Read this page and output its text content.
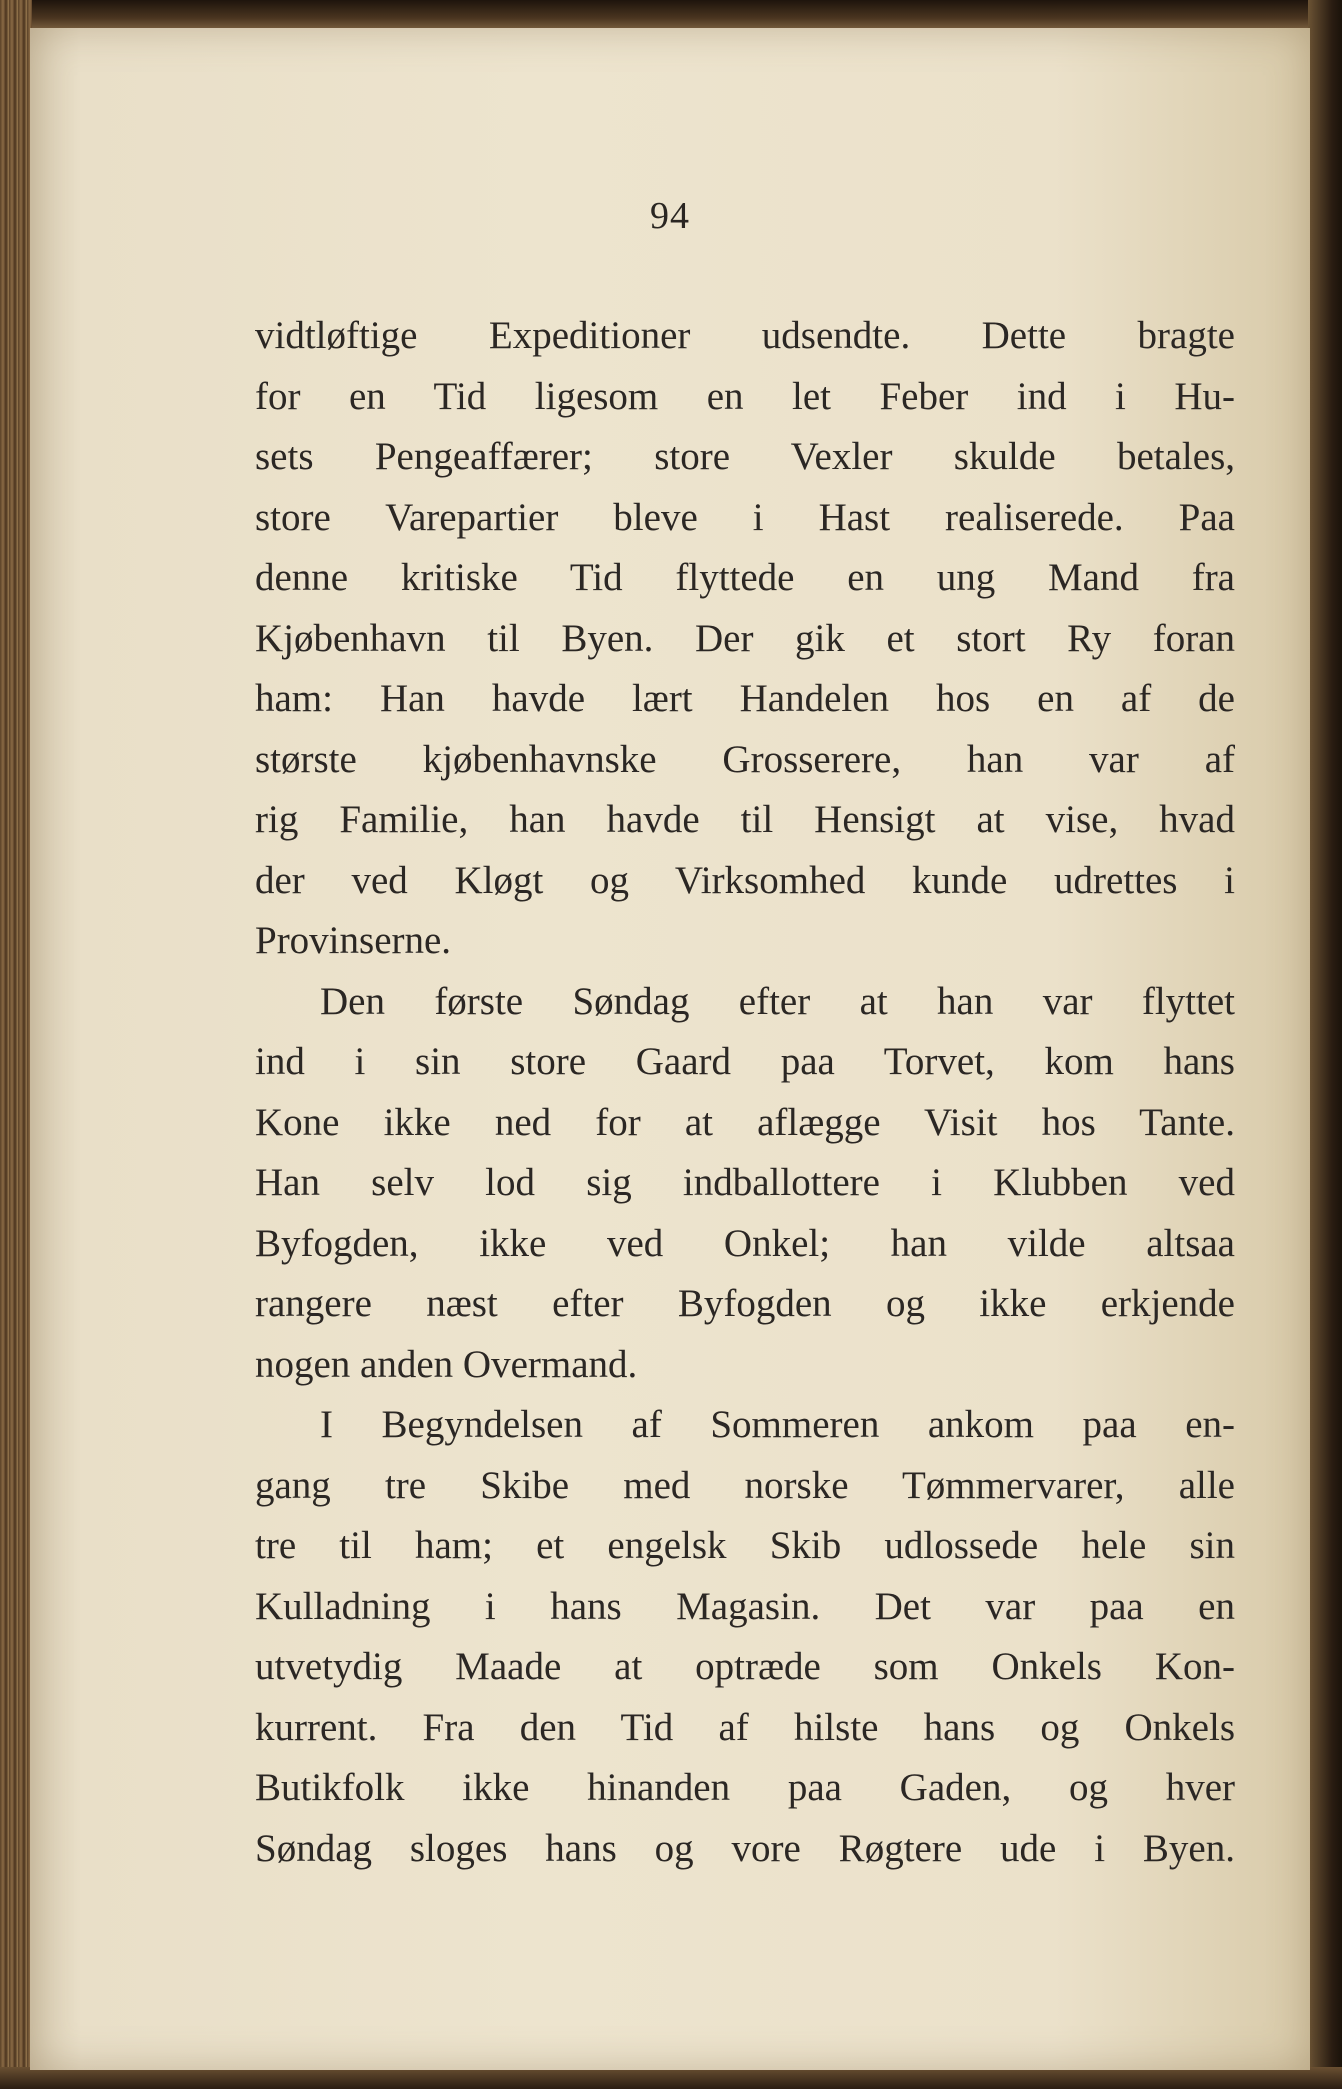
94
vidtløftige Expeditioner udsendte. Dette bragte
for en Tid ligesom en let Feber ind i Hu-
sets Pengeaffærer; store Vexler skulde betales,
store Varepartier bleve i Hast realiserede. Paa
denne kritiske Tid flyttede en ung Mand fra
Kjøbenhavn til Byen. Der gik et stort Ry foran
ham: Han havde lært Handelen hos en af de
største kjøbenhavnske Grosserere, han var af
rig Familie, han havde til Hensigt at vise, hvad
der ved Kløgt og Virksomhed kunde udrettes i
Provinserne.
Den første Søndag efter at han var flyttet
ind i sin store Gaard paa Torvet, kom hans
Kone ikke ned for at aflægge Visit hos Tante.
Han selv lod sig indballottere i Klubben ved
Byfogden, ikke ved Onkel; han vilde altsaa
rangere næst efter Byfogden og ikke erkjende
nogen anden Overmand.
I Begyndelsen af Sommeren ankom paa en-
gang tre Skibe med norske Tømmervarer, alle
tre til ham; et engelsk Skib udlossede hele sin
Kulladning i hans Magasin. Det var paa en
utvetydig Maade at optræde som Onkels Kon-
kurrent. Fra den Tid af hilste hans og Onkels
Butikfolk ikke hinanden paa Gaden, og hver
Søndag sloges hans og vore Røgtere ude i Byen.
